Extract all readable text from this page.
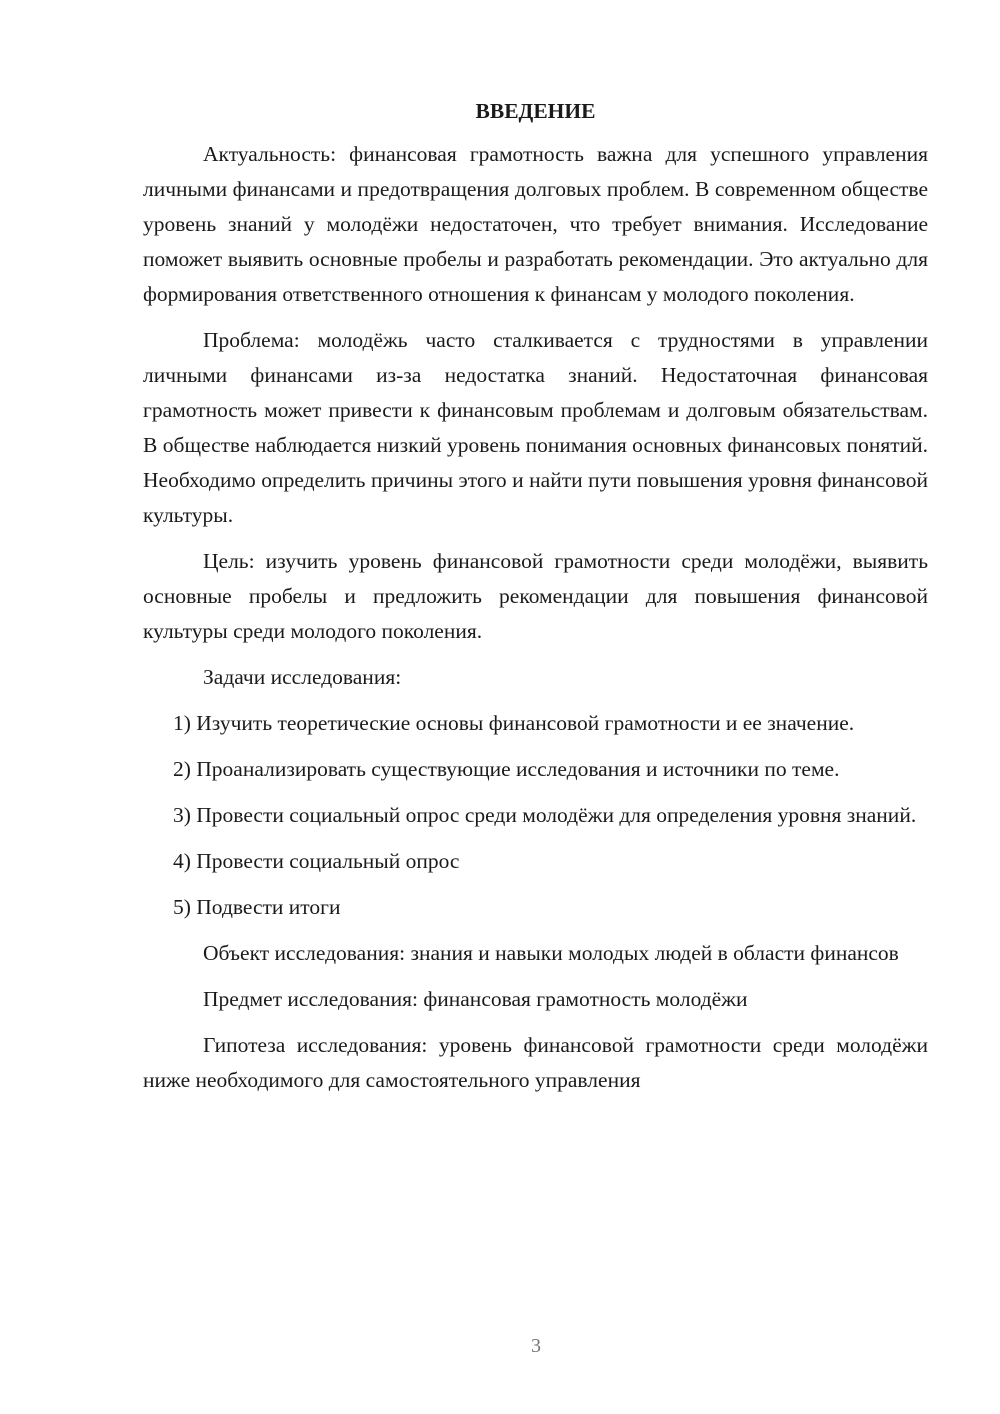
ВВЕДЕНИЕ

Актуальность: финансовая грамотность важна для успешного управления личными финансами и предотвращения долговых проблем. В современном обществе уровень знаний у молодёжи недостаточен, что требует внимания. Исследование поможет выявить основные пробелы и разработать рекомендации. Это актуально для формирования ответственного отношения к финансам у молодого поколения.

Проблема: молодёжь часто сталкивается с трудностями в управлении личными финансами из-за недостатка знаний. Недостаточная финансовая грамотность может привести к финансовым проблемам и долговым обязательствам. В обществе наблюдается низкий уровень понимания основных финансовых понятий. Необходимо определить причины этого и найти пути повышения уровня финансовой культуры.

Цель: изучить уровень финансовой грамотности среди молодёжи, выявить основные пробелы и предложить рекомендации для повышения финансовой культуры среди молодого поколения.

Задачи исследования:

1) Изучить теоретические основы финансовой грамотности и ее значение.

2) Проанализировать существующие исследования и источники по теме.

3) Провести социальный опрос среди молодёжи для определения уровня знаний.

4) Провести социальный опрос

5) Подвести итоги

Объект исследования: знания и навыки молодых людей в области финансов

Предмет исследования: финансовая грамотность молодёжи

Гипотеза исследования: уровень финансовой грамотности среди молодёжи ниже необходимого для самостоятельного управления

3
